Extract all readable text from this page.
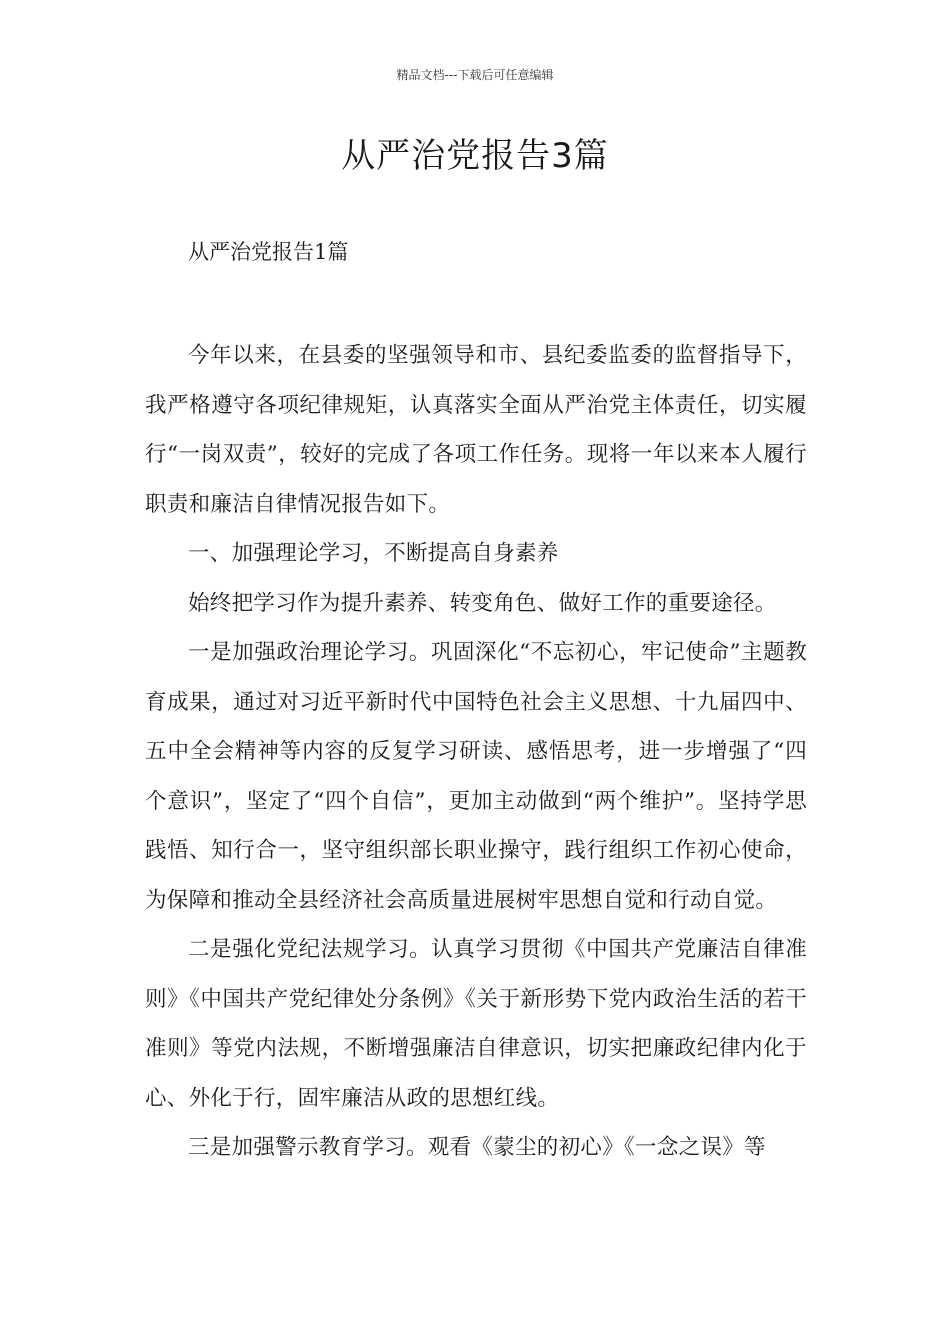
精品文档---下载后可任意编辑
从严治党报告3篇

从严治党报告1篇

今年以来，在县委的坚强领导和市、县纪委监委的监督指导下，我严格遵守各项纪律规矩，认真落实全面从严治党主体责任，切实履行“一岗双责”，较好的完成了各项工作任务。现将一年以来本人履行职责和廉洁自律情况报告如下。

一、加强理论学习，不断提高自身素养

始终把学习作为提升素养、转变角色、做好工作的重要途径。

一是加强政治理论学习。巩固深化“不忘初心，牢记使命”主题教育成果，通过对习近平新时代中国特色社会主义思想、十九届四中、五中全会精神等内容的反复学习研读、感悟思考，进一步增强了“四个意识”，坚定了“四个自信”，更加主动做到“两个维护”。坚持学思践悟、知行合一，坚守组织部长职业操守，践行组织工作初心使命，为保障和推动全县经济社会高质量进展树牢思想自觉和行动自觉。

二是强化党纪法规学习。认真学习贯彻《中国共产党廉洁自律准则》《中国共产党纪律处分条例》《关于新形势下党内政治生活的若干准则》等党内法规，不断增强廉洁自律意识，切实把廉政纪律内化于心、外化于行，固牢廉洁从政的思想红线。

三是加强警示教育学习。观看《蒙尘的初心》《一念之误》等
